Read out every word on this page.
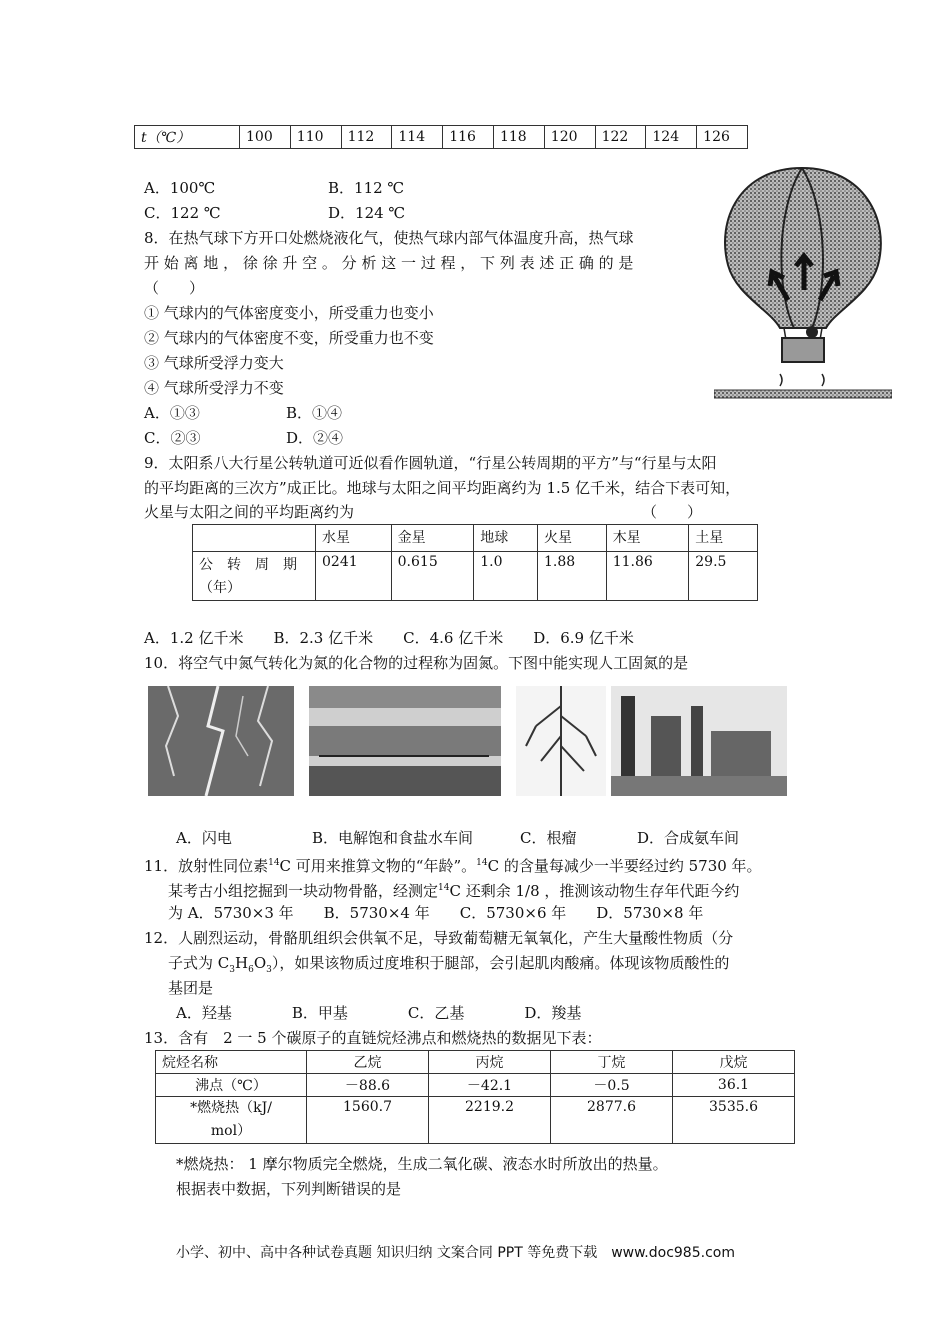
t（℃）	100	110	112	114	116	118	120	122	124	126
A．100℃	B．112 ℃
C．122 ℃	D．124 ℃
8．在热气球下方开口处燃烧液化气，使热气球内部气体温度升高，热气球
开 始 离 地 ， 徐 徐 升 空 。 分 析 这 一 过 程 ， 下 列 表 述 正 确 的 是
（　　）
① 气球内的气体密度变小，所受重力也变小
② 气球内的气体密度不变，所受重力也不变
③ 气球所受浮力变大
④ 气球所受浮力不变
A．①③	B．①④
C．②③	D．②④
9．太阳系八大行星公转轨道可近似看作圆轨道，“行星公转周期的平方”与“行星与太阳
的平均距离的三次方”成正比。地球与太阳之间平均距离约为 1.5 亿千米，结合下表可知，
火星与太阳之间的平均距离约为	（　　）
	水星	金星	地球	火星	木星	土星

公　转　周　期
（年）	0241	0.615	1.0	1.88	11.86	29.5
A．1.2 亿千米　　B．2.3 亿千米　　C．4.6 亿千米　　D．6.9 亿千米
10．将空气中氮气转化为氮的化合物的过程称为固氮。下图中能实现人工固氮的是
A．闪电	B．电解饱和食盐水车间	C．根瘤	D．合成氨车间
11．放射性同位素$^{14}$C 可用来推算文物的“年龄”。$^{14}$C 的含量每减少一半要经过约 5730 年。
某考古小组挖掘到一块动物骨骼，经测定$^{14}$C 还剩余 1/8 ，推测该动物生存年代距今约
为 A．5730×3 年　　B．5730×4 年　　C．5730×6 年　　D．5730×8 年
12．人剧烈运动，骨骼肌组织会供氧不足，导致葡萄糖无氧氧化，产生大量酸性物质（分
子式为 $C_3H_6O_3$），如果该物质过度堆积于腿部，会引起肌肉酸痛。体现该物质酸性的
基团是
A．羟基　　　　B．甲基　　　　C．乙基　　　　D．羧基
13．含有　2 一 5 个碳原子的直链烷烃沸点和燃烧热的数据见下表：
烷烃名称	乙烷	丙烷	丁烷	戊烷
沸点（℃）	－88.6	－42.1	－0.5	36.1

*燃烧热（kJ/
mol）	1560.7	2219.2	2877.6	3535.6
*燃烧热： 1 摩尔物质完全燃烧，生成二氧化碳、液态水时所放出的热量。
根据表中数据，下列判断错误的是
小学、初中、高中各种试卷真题 知识归纳 文案合同 PPT 等免费下载　www.doc985.com
